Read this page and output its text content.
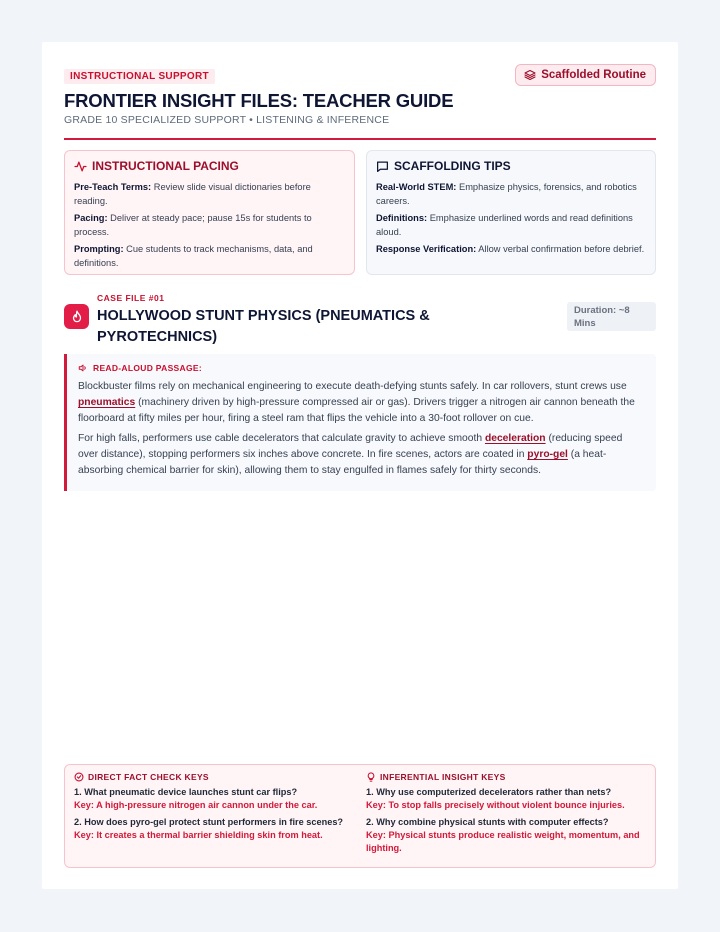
INSTRUCTIONAL SUPPORT	Scaffolded Routine
FRONTIER INSIGHT FILES: TEACHER GUIDE
GRADE 10 SPECIALIZED SUPPORT • LISTENING & INFERENCE
INSTRUCTIONAL PACING

Pre-Teach Terms: Review slide visual dictionaries before reading.

Pacing: Deliver at steady pace; pause 15s for students to process.

Prompting: Cue students to track mechanisms, data, and definitions.

SCAFFOLDING TIPS

Real-World STEM: Emphasize physics, forensics, and robotics careers.

Definitions: Emphasize underlined words and read definitions aloud.

Response Verification: Allow verbal confirmation before debrief.

CASE FILE #01
HOLLYWOOD STUNT PHYSICS (PNEUMATICS & PYROTECHNICS)
Duration: ~8 Mins
READ-ALOUD PASSAGE:

Blockbuster films rely on mechanical engineering to execute death-defying stunts safely. In car rollovers, stunt crews use pneumatics (machinery driven by high-pressure compressed air or gas). Drivers trigger a nitrogen air cannon beneath the floorboard at fifty miles per hour, firing a steel ram that flips the vehicle into a 30-foot rollover on cue.

For high falls, performers use cable decelerators that calculate gravity to achieve smooth deceleration (reducing speed over distance), stopping performers six inches above concrete. In fire scenes, actors are coated in pyro-gel (a heat-absorbing chemical barrier for skin), allowing them to stay engulfed in flames safely for thirty seconds.

DIRECT FACT CHECK KEYS
1. What pneumatic device launches stunt car flips?
Key: A high-pressure nitrogen air cannon under the car.
2. How does pyro-gel protect stunt performers in fire scenes?
Key: It creates a thermal barrier shielding skin from heat.
INFERENTIAL INSIGHT KEYS
1. Why use computerized decelerators rather than nets?
Key: To stop falls precisely without violent bounce injuries.
2. Why combine physical stunts with computer effects?
Key: Physical stunts produce realistic weight, momentum, and lighting.
